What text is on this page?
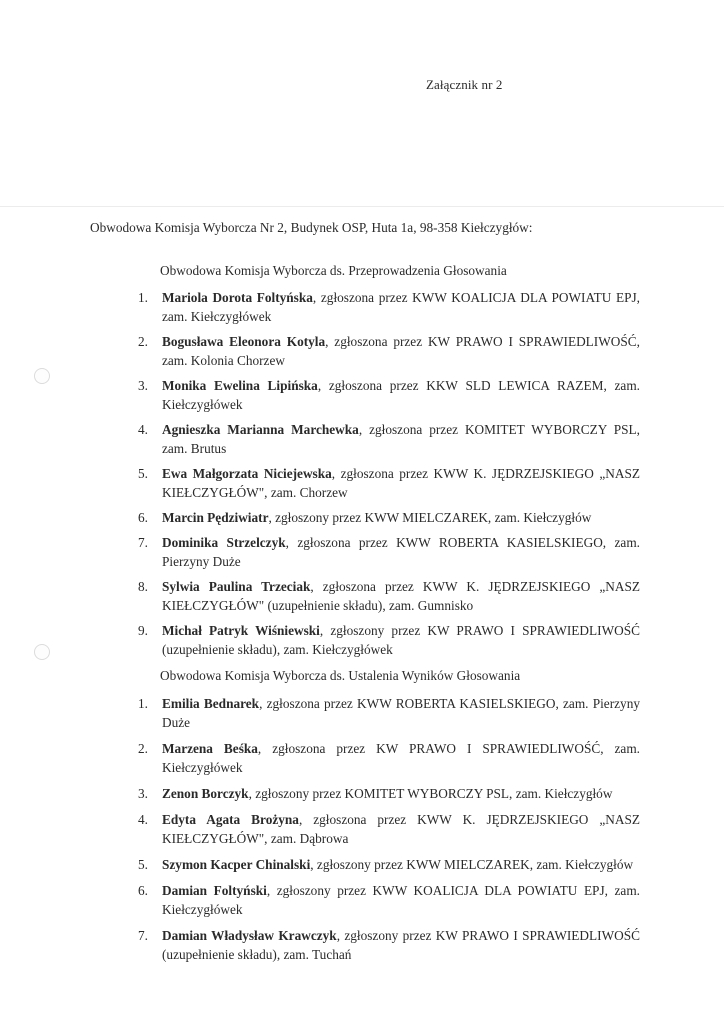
Załącznik nr 2
Obwodowa Komisja Wyborcza Nr 2, Budynek OSP, Huta 1a, 98-358 Kiełczygłów:
Obwodowa Komisja Wyborcza ds. Przeprowadzenia Głosowania
1.	Mariola Dorota Foltyńska, zgłoszona przez KWW KOALICJA DLA POWIATU EPJ, zam. Kiełczygłówek
2.	Bogusława Eleonora Kotyla, zgłoszona przez KW PRAWO I SPRAWIEDLIWOŚĆ, zam. Kolonia Chorzew
3.	Monika Ewelina Lipińska, zgłoszona przez KKW SLD LEWICA RAZEM, zam. Kiełczygłówek
4.	Agnieszka Marianna Marchewka, zgłoszona przez KOMITET WYBORCZY PSL, zam. Brutus
5.	Ewa Małgorzata Niciejewska, zgłoszona przez KWW K. JĘDRZEJSKIEGO „NASZ KIEŁCZYGŁÓW", zam. Chorzew
6.	Marcin Pędziwiatr, zgłoszony przez KWW MIELCZAREK, zam. Kiełczygłów
7.	Dominika Strzelczyk, zgłoszona przez KWW ROBERTA KASIELSKIEGO, zam. Pierzyny Duże
8.	Sylwia Paulina Trzeciak, zgłoszona przez KWW K. JĘDRZEJSKIEGO „NASZ KIEŁCZYGŁÓW" (uzupełnienie składu), zam. Gumnisko
9.	Michał Patryk Wiśniewski, zgłoszony przez KW PRAWO I SPRAWIEDLIWOŚĆ (uzupełnienie składu), zam. Kiełczygłówek
Obwodowa Komisja Wyborcza ds. Ustalenia Wyników Głosowania
1.	Emilia Bednarek, zgłoszona przez KWW ROBERTA KASIELSKIEGO, zam. Pierzyny Duże
2.	Marzena Beśka, zgłoszona przez KW PRAWO I SPRAWIEDLIWOŚĆ, zam. Kiełczygłówek
3.	Zenon Borczyk, zgłoszony przez KOMITET WYBORCZY PSL, zam. Kiełczygłów
4.	Edyta Agata Brożyna, zgłoszona przez KWW K. JĘDRZEJSKIEGO „NASZ KIEŁCZYGŁÓW", zam. Dąbrowa
5.	Szymon Kacper Chinalski, zgłoszony przez KWW MIELCZAREK, zam. Kiełczygłów
6.	Damian Foltyński, zgłoszony przez KWW KOALICJA DLA POWIATU EPJ, zam. Kiełczygłówek
7.	Damian Władysław Krawczyk, zgłoszony przez KW PRAWO I SPRAWIEDLIWOŚĆ (uzupełnienie składu), zam. Tuchań
